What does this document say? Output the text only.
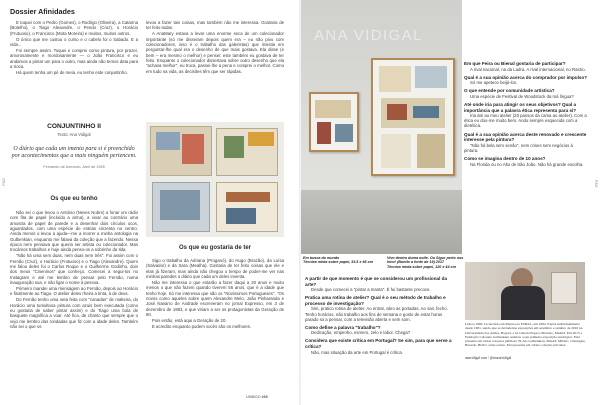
PÁG	PÁG
Dossier Afinidades

E toquei com o Pedro (Gomes), o Rodrigo (Oliveira), a Catarina (Botelho), o Tiago Alexandre, o Pendo (Cruz), o Horácio (Frutuoso), o Francisco (Mota Moreira) e muitos, muitos outros.

O único que me custou o curso e o cabelo foi o Sabado. E a vida...

Foi sempre assim. Toquei e comprei como pintura, por prazer, amorosamente e mordosamente — o João Francisco e eu andamos a pintar um para o outro, mas ainda não temos data para a troca.

Há quem tenha um pé de meia, eu tenho este conjuntinho.

CONJUNTINHO II
Texto: Ana Vidigal
O diário que cada um imenta para si é preenchido por acontecimentos que a mais ninguém pertencem.
Fernando de Azevedo, Abril de 1965
Os que eu tenho

Não sei o que levou o António (Neves Nobre) a fonar um rádio com fita de papel (incluído a arma), a vivar ao contrário uma amostra de papel de parede e a desenhar dois círculos ocos, aguardados, com uma espécie de estrias cinzenta no centro. Ainda menos o levou a ajuda—me a morrer a minha antologia na Gulbenkian, enquanto me falava da coleção que a fazendo. Nessa época nem pensava que queria ser artista ou colecionador. Mas trocámos trabalhos e hoje ainda penso-os a sobrinho da Ilda.

"Não há uma sem duas, nem duas sem três". Foi assim com o Fernão (Cruz), o Horácio (Frutuoso) e o Tiago (Alexandre). Quem me falou deles foi o Carlos Roque e o Guilherme Godinho, dois dos meus "Cineninos" que conheço. Comecei a segui-los no Instagram e até me lembro de pensar pelo Fernão, numa inauguração sua, e não ligar o nome à pessoa.

Primeiro mandei uma mensagem ao Fernão, depois ao Horácio e finalmente ao Tiago. O atelier deles rheira a tinta, à de deus.

Do Fernão tenho uma seta feita com "canadas" de malteira, do Horácio uma tumultosa pintura com azuis bem executada (como eu gostaria de saber pintar assim) e do Tiago uma bola de basquete magnífica a voar. Até fica, de chanto que sempre que o vejo me lembro das rondadas que fiz com a idade deles. Também não sei o que os

levou a fazer tais coisas, mas também não me interessa. Gostaria de ter feito todas.

A AnaMary estava a levar uma enorme seca de um colecionador importante (só me disseram depois quem era – eu não pivo com colecionadores, isso é o trabalho das galeristas) que insistia em perguntar-lhe qual era o desenho de que mais gostava. Ela disse (e bem – era mesmo o melhor) e pensei: este também eu gostava de ter feito. Enquanto o colecionador dissertava sobre outro desenho que ela "achava melhor", eu truca, passei-lhe a pena e comprei o melhor. Como em tudo na vida, as decisões têm que ser rápidas.

Os que eu gostaria de ter

Sigo o trabalho da Adriana (Proganó), do Hugo (Brazão), da Luísa (Salvador) e da Sara (Mealha). Gostaria de ter feito coisas que ele e elas já fizeram, mas ainda não chegou o tempo de poder-me ver nas minhas paredes o diário que cada um deles inventa.

Não me interessa o que estarão a fazer daqui a 20 anos e muito menos o que não fazem quando tiverem 56 anos, que é a idade que tenho hoje. Só me interessa que são os "Novíssimos Portugueses". "Os novos como aqueles sobre quem Alexandre Melo, João Pinharanda e José Navarro de Andrade escreveram no jornal Expresso, em 3 de dezembro de 1983, e que viriam a ser os protagonistas da Geração de 80.

Pois então, está aqui a Geração de 20.

E acredito enquanto podem vocês são os melhores.

UMBIGO #69
ANA VIDIGAL
Em busca do mundo
Técnica mista sobre papel, 33.5 x 66 cm
Vivo dentro duma noite. Ou Sigur perto nos hino! (Bonito a fonte de 19) 2017
Técnica mista sobre papel, 120 x 44 cm
Em que Feira ou Bienal gostaria de participar?
A rival nacional, na da Ladra. A rival internacional, no Rastro.
Qual é a sua opinião acerca do comprador por impulso?
Só me apetece beijá-los.
O que entende por comunidade artística?
Uma espécie de Festival de Woodstock da má língua?
Até onde iria para atingir os seus objetivos? Qual a importância que a palavra ética representa para si?
Iria até ao meu atelier (20 passos da cama ao atelier). Com a ética eu dou-me muito bem. Ando sempre esquecida com a dietética.
Qual é a sua opinião acerca deste renovado e crescente interesse pela pintura?
"Não há bela sem senão", nem crises sem negócios à pintura.
Como se imagina dentro de 10 anos?
Na Florida ou no Alto de São João. Não há grande escolha.
A partir de que momento é que se considerou um profissional da arte?
Desde que comecei a "pintar a manta". É fui bastante precoce.
Pratica uma rotina de atelier? Qual é o seu método de trabalho e processo de investigação?
Sim, pratico rotina de atelier. Ao entrar, abro as portadas. Ao sair, fecho. Tenho horários, não trabalho aos fins de semana e gosto de estar horas parado só a pensar, com a televisão aberta e sem som.
Como define a palavra "trabalho"?
Dedicação, empenho, esmero, zelo e labor. Chega?
Considera que existe crítica em Portugal? Se sim, para que serve a crítica?
Não, mas situação da arte em Portugal é crítica.
Lisboa 1960. Licenciada em Pintura na ESBAL, em 1984. Expôs individualmente desde 1981, sendo que as derradeiras exposições em setembro e outubro de 2016 na Universidade dos Andes, Bogotá, e na Galeria Espaço Monáxo, Madrid. Em 2015 a Fundação Calouste Gulbenkian realizou a sua primeira exposição antológica. Está presente em várias coleções públicas: FLAG Gulbenkian, MAAT, MNAC, Culturgest, Berardo, BOCC entre outras. Está presente em várias coleções privadas.
anavidigal.com / @mariavidigal
